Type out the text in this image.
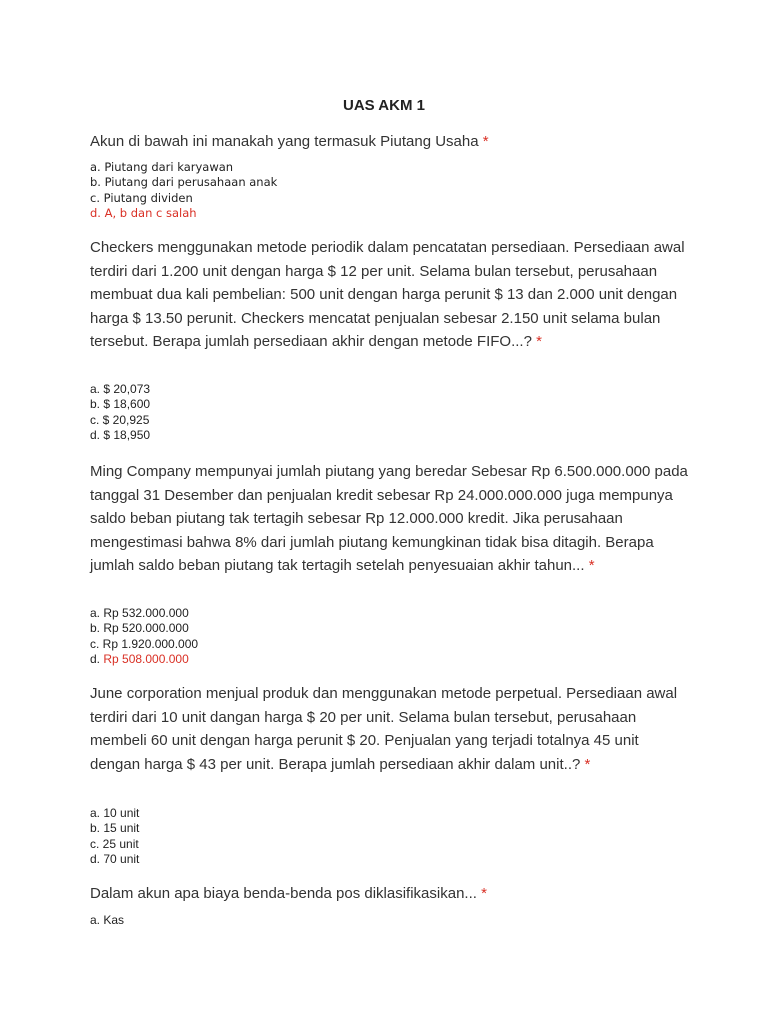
UAS AKM 1
Akun di bawah ini manakah yang termasuk Piutang Usaha *
a. Piutang dari karyawan
b. Piutang dari perusahaan anak
c. Piutang dividen
d. A, b dan c salah
Checkers menggunakan metode periodik dalam pencatatan persediaan. Persediaan awal terdiri dari 1.200 unit dengan harga $ 12 per unit. Selama bulan tersebut, perusahaan membuat dua kali pembelian: 500 unit dengan harga perunit $ 13 dan 2.000 unit dengan harga $ 13.50 perunit. Checkers mencatat penjualan sebesar 2.150 unit selama bulan tersebut. Berapa jumlah persediaan akhir dengan metode FIFO...? *
a. $ 20,073
b. $ 18,600
c. $ 20,925
d. $ 18,950
Ming Company mempunyai jumlah piutang yang beredar Sebesar Rp 6.500.000.000 pada tanggal 31 Desember dan penjualan kredit sebesar Rp 24.000.000.000 juga mempunya saldo beban piutang tak tertagih sebesar Rp 12.000.000 kredit. Jika perusahaan mengestimasi bahwa 8% dari jumlah piutang kemungkinan tidak bisa ditagih. Berapa jumlah saldo beban piutang tak tertagih setelah penyesuaian akhir tahun... *
a. Rp 532.000.000
b. Rp 520.000.000
c. Rp 1.920.000.000
d. Rp 508.000.000
June corporation menjual produk dan menggunakan metode perpetual. Persediaan awal terdiri dari 10 unit dangan harga $ 20 per unit. Selama bulan tersebut, perusahaan membeli 60 unit dengan harga perunit $ 20. Penjualan yang terjadi totalnya 45 unit dengan harga $ 43 per unit. Berapa jumlah persediaan akhir dalam unit..? *
a. 10 unit
b. 15 unit
c. 25 unit
d. 70 unit
Dalam akun apa biaya benda-benda pos diklasifikasikan... *
a. Kas
